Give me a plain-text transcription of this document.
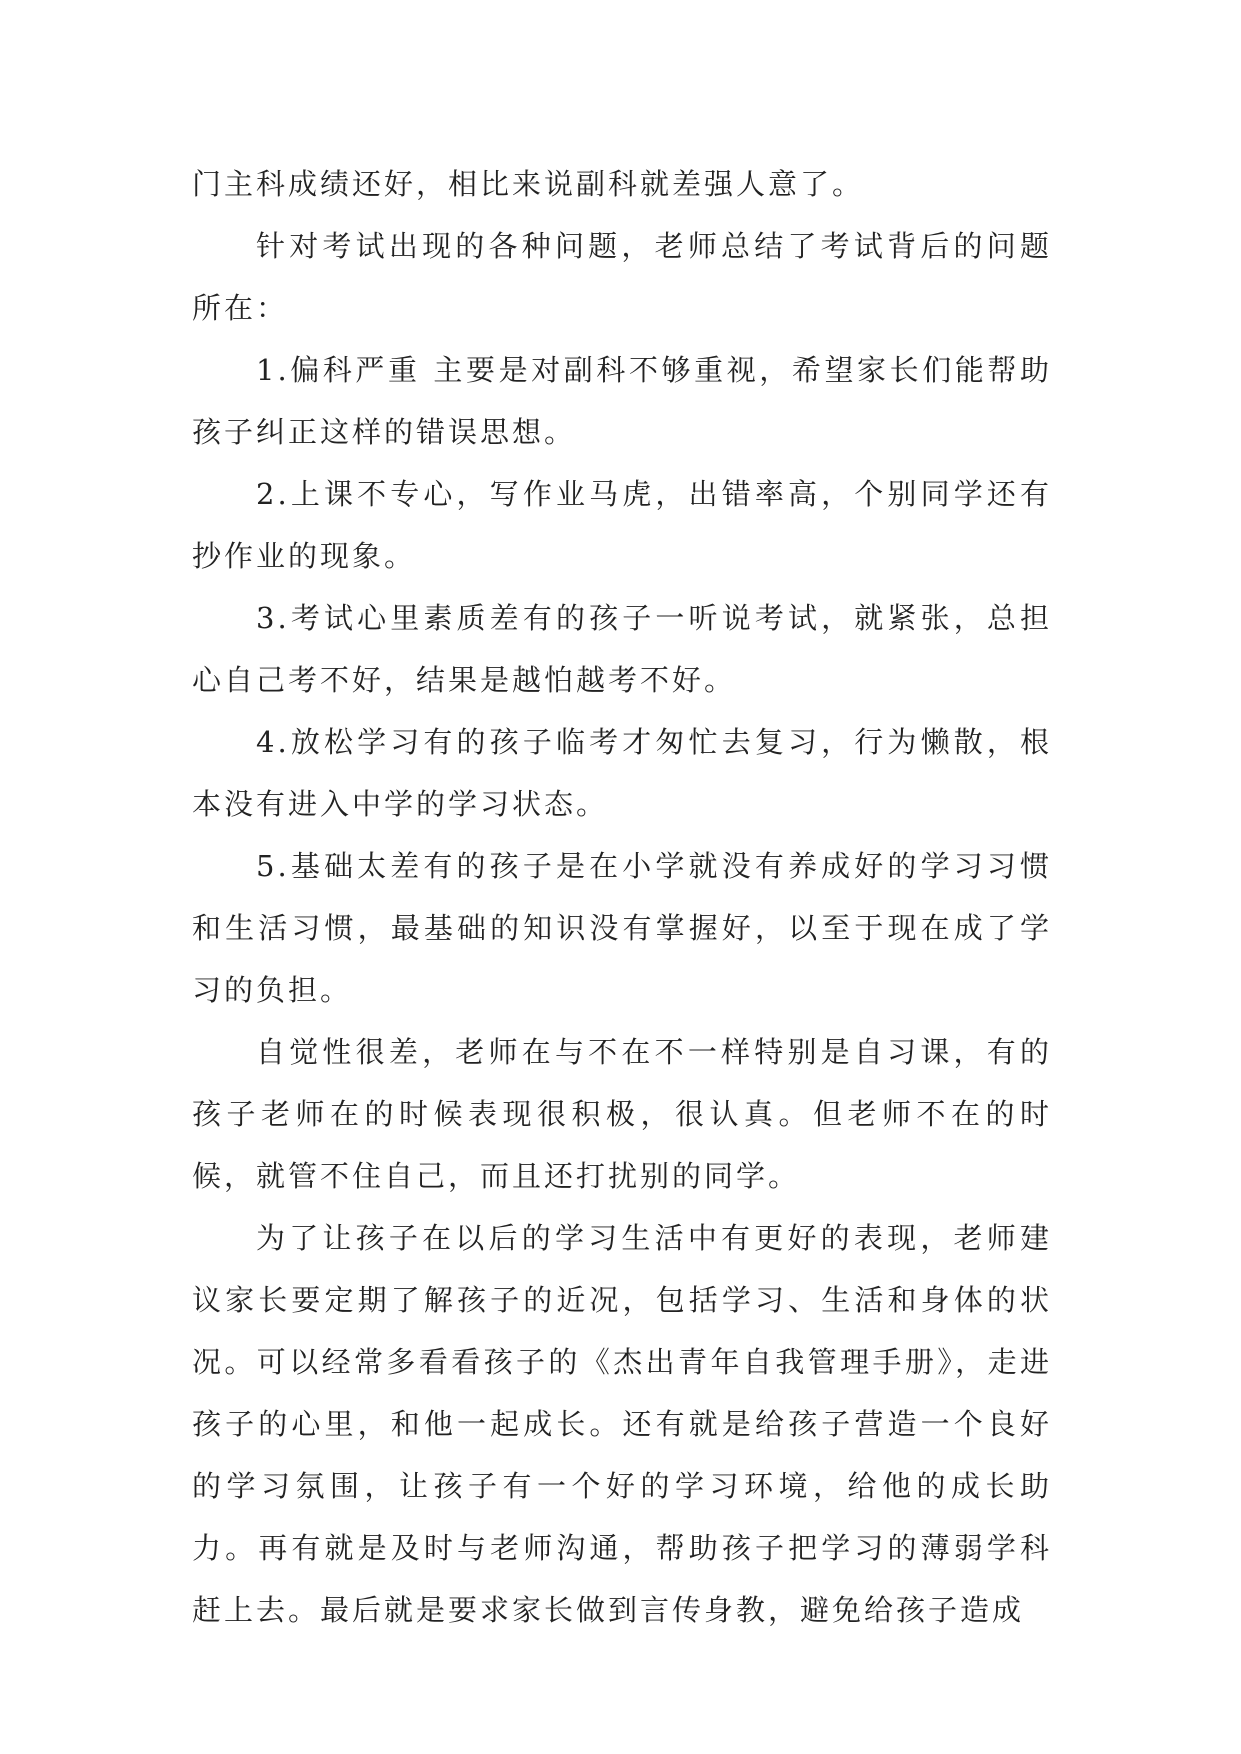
门主科成绩还好，相比来说副科就差强人意了。

针对考试出现的各种问题，老师总结了考试背后的问题所在：

1.偏科严重 主要是对副科不够重视，希望家长们能帮助孩子纠正这样的错误思想。

2.上课不专心，写作业马虎，出错率高，个别同学还有抄作业的现象。

3.考试心里素质差有的孩子一听说考试，就紧张，总担心自己考不好，结果是越怕越考不好。

4.放松学习有的孩子临考才匆忙去复习，行为懒散，根本没有进入中学的学习状态。

5.基础太差有的孩子是在小学就没有养成好的学习习惯和生活习惯，最基础的知识没有掌握好，以至于现在成了学习的负担。

自觉性很差，老师在与不在不一样特别是自习课，有的孩子老师在的时候表现很积极，很认真。但老师不在的时候，就管不住自己，而且还打扰别的同学。

为了让孩子在以后的学习生活中有更好的表现，老师建议家长要定期了解孩子的近况，包括学习、生活和身体的状况。可以经常多看看孩子的《杰出青年自我管理手册》，走进孩子的心里，和他一起成长。还有就是给孩子营造一个良好的学习氛围，让孩子有一个好的学习环境，给他的成长助力。再有就是及时与老师沟通，帮助孩子把学习的薄弱学科赶上去。最后就是要求家长做到言传身教，避免给孩子造成
